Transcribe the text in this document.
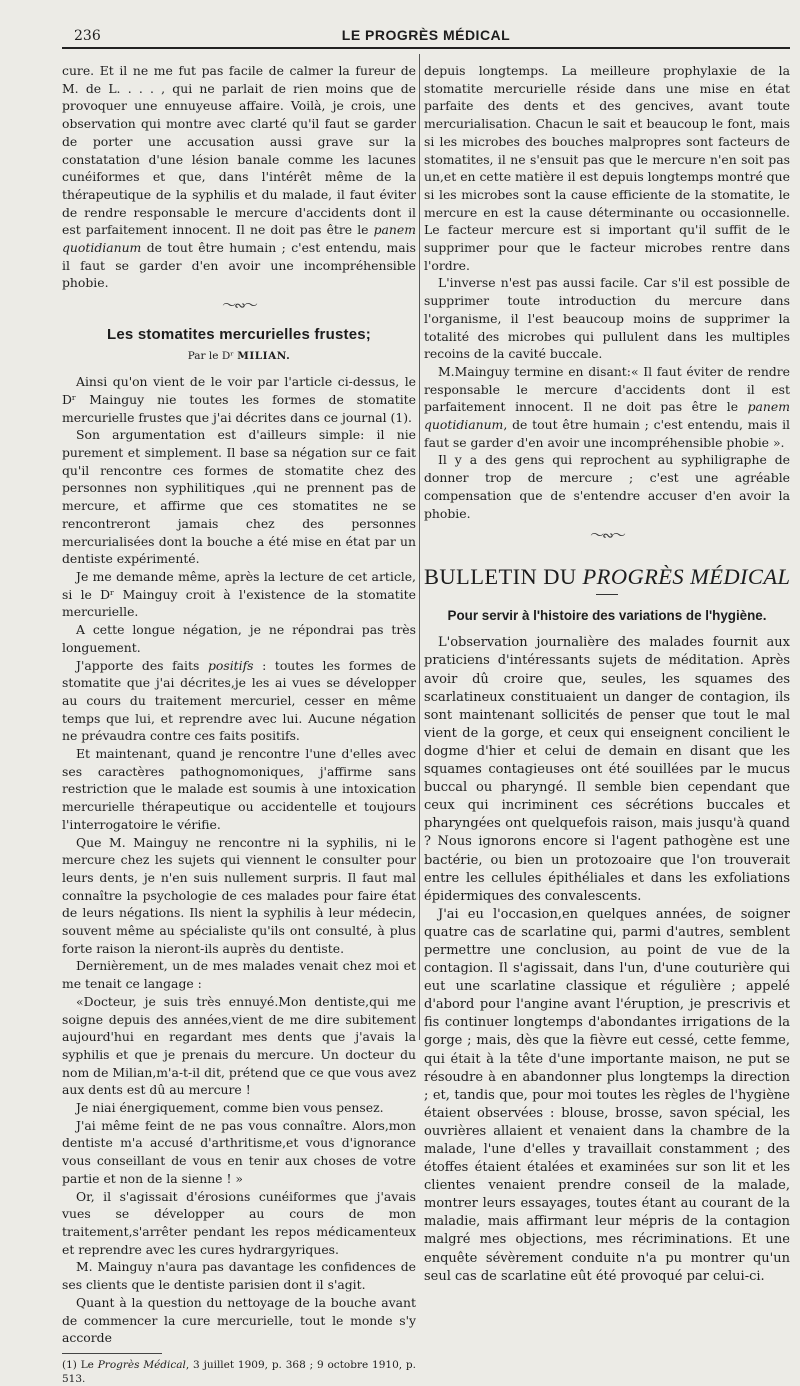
236	LE PROGRÈS MÉDICAL

cure. Et il ne me fut pas facile de calmer la fureur de M. de L. . . . , qui ne parlait de rien moins que de provoquer une ennuyeuse affaire. Voilà, je crois, une observation qui montre avec clarté qu'il faut se garder de porter une accusation aussi grave sur la constatation d'une lésion banale comme les lacunes cunéiformes et que, dans l'intérêt même de la thérapeutique de la syphilis et du malade, il faut éviter de rendre responsable le mercure d'accidents dont il est parfaitement innocent. Il ne doit pas être le panem quotidianum de tout être humain ; c'est entendu, mais il faut se garder d'en avoir une incompréhensible phobie.

〜∾〜
Les stomatites mercurielles frustes;
Par le Dʳ MILIAN.

Ainsi qu'on vient de le voir par l'article ci-dessus, le Dʳ Mainguy nie toutes les formes de stomatite mercurielle frustes que j'ai décrites dans ce journal (1).

Son argumentation est d'ailleurs simple: il nie purement et simplement. Il base sa négation sur ce fait qu'il rencontre ces formes de stomatite chez des personnes non syphilitiques ,qui ne prennent pas de mercure, et affirme que ces stomatites ne se rencontreront jamais chez des personnes mercurialisées dont la bouche a été mise en état par un dentiste expérimenté.

Je me demande même, après la lecture de cet article, si le Dʳ Mainguy croit à l'existence de la stomatite mercurielle.

A cette longue négation, je ne répondrai pas très longuement.

J'apporte des faits positifs : toutes les formes de stomatite que j'ai décrites,je les ai vues se développer au cours du traitement mercuriel, cesser en même temps que lui, et reprendre avec lui. Aucune négation ne prévaudra contre ces faits positifs.

Et maintenant, quand je rencontre l'une d'elles avec ses caractères pathognomoniques, j'affirme sans restriction que le malade est soumis à une intoxication mercurielle thérapeutique ou accidentelle et toujours l'interrogatoire le vérifie.

Que M. Mainguy ne rencontre ni la syphilis, ni le mercure chez les sujets qui viennent le consulter pour leurs dents, je n'en suis nullement surpris. Il faut mal connaître la psychologie de ces malades pour faire état de leurs négations. Ils nient la syphilis à leur médecin, souvent même au spécialiste qu'ils ont consulté, à plus forte raison la nieront-ils auprès du dentiste.

Dernièrement, un de mes malades venait chez moi et me tenait ce langage :

«Docteur, je suis très ennuyé.Mon dentiste,qui me soigne depuis des années,vient de me dire subitement aujourd'hui en regardant mes dents que j'avais la syphilis et que je prenais du mercure. Un docteur du nom de Milian,m'a-t-il dit, prétend que ce que vous avez aux dents est dû au mercure !

Je niai énergiquement, comme bien vous pensez.

J'ai même feint de ne pas vous connaître. Alors,mon dentiste m'a accusé d'arthritisme,et vous d'ignorance vous conseillant de vous en tenir aux choses de votre partie et non de la sienne ! »

Or, il s'agissait d'érosions cunéiformes que j'avais vues se développer au cours de mon traitement,s'arrêter pendant les repos médicamenteux et reprendre avec les cures hydrargyriques.

M. Mainguy n'aura pas davantage les confidences de ses clients que le dentiste parisien dont il s'agit.

Quant à la question du nettoyage de la bouche avant de commencer la cure mercurielle, tout le monde s'y accorde

(1) Le Progrès Médical, 3 juillet 1909, p. 368 ; 9 octobre 1910, p. 513.

depuis longtemps. La meilleure prophylaxie de la stomatite mercurielle réside dans une mise en état parfaite des dents et des gencives, avant toute mercurialisation. Chacun le sait et beaucoup le font, mais si les microbes des bouches malpropres sont facteurs de stomatites, il ne s'ensuit pas que le mercure n'en soit pas un,et en cette matière il est depuis longtemps montré que si les microbes sont la cause efficiente de la stomatite, le mercure en est la cause déterminante ou occasionnelle. Le facteur mercure est si important qu'il suffit de le supprimer pour que le facteur microbes rentre dans l'ordre.

L'inverse n'est pas aussi facile. Car s'il est possible de supprimer toute introduction du mercure dans l'organisme, il l'est beaucoup moins de supprimer la totalité des microbes qui pullulent dans les multiples recoins de la cavité buccale.

M.Mainguy termine en disant:« Il faut éviter de rendre responsable le mercure d'accidents dont il est parfaitement innocent. Il ne doit pas être le panem quotidianum, de tout être humain ; c'est entendu, mais il faut se garder d'en avoir une incompréhensible phobie ».

Il y a des gens qui reprochent au syphiligraphe de donner trop de mercure ; c'est une agréable compensation que de s'entendre accuser d'en avoir la phobie.

〜∾〜
BULLETIN DU PROGRÈS MÉDICAL
Pour servir à l'histoire des variations de l'hygiène.

L'observation journalière des malades fournit aux praticiens d'intéressants sujets de méditation. Après avoir dû croire que, seules, les squames des scarlatineux constituaient un danger de contagion, ils sont maintenant sollicités de penser que tout le mal vient de la gorge, et ceux qui enseignent concilient le dogme d'hier et celui de demain en disant que les squames contagieuses ont été souillées par le mucus buccal ou pharyngé. Il semble bien cependant que ceux qui incriminent ces sécrétions buccales et pharyngées ont quelquefois raison, mais jusqu'à quand ? Nous ignorons encore si l'agent pathogène est une bactérie, ou bien un protozoaire que l'on trouverait entre les cellules épithéliales et dans les exfoliations épidermiques des convalescents.

J'ai eu l'occasion,en quelques années, de soigner quatre cas de scarlatine qui, parmi d'autres, semblent permettre une conclusion, au point de vue de la contagion. Il s'agissait, dans l'un, d'une couturière qui eut une scarlatine classique et régulière ; appelé d'abord pour l'angine avant l'éruption, je prescrivis et fis continuer longtemps d'abondantes irrigations de la gorge ; mais, dès que la fièvre eut cessé, cette femme, qui était à la tête d'une importante maison, ne put se résoudre à en abandonner plus longtemps la direction ; et, tandis que, pour moi toutes les règles de l'hygiène étaient observées : blouse, brosse, savon spécial, les ouvrières allaient et venaient dans la chambre de la malade, l'une d'elles y travaillait constamment ; des étoffes étaient étalées et examinées sur son lit et les clientes venaient prendre conseil de la malade, montrer leurs essayages, toutes étant au courant de la maladie, mais affirmant leur mépris de la contagion malgré mes objections, mes récriminations. Et une enquête sévèrement conduite n'a pu montrer qu'un seul cas de scarlatine eût été provoqué par celui-ci.
